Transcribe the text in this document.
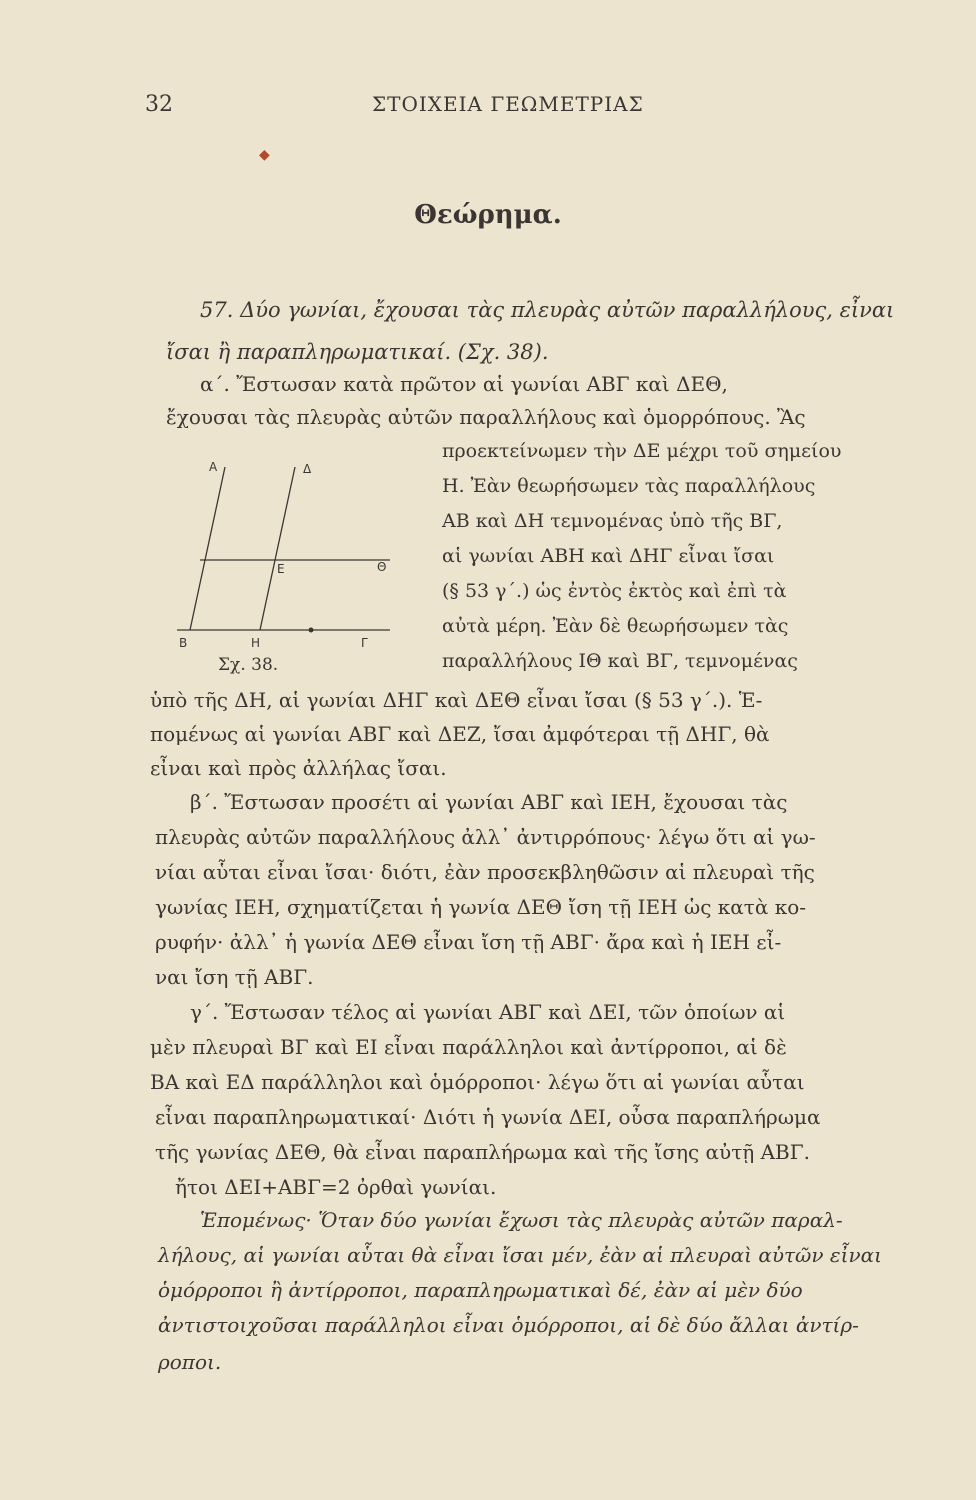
32	ΣΤΟΙΧΕΙΑ ΓΕΩΜΕΤΡΙΑΣ
◆
Θεώρημα.
57. Δύο γωνίαι, ἔχουσαι τὰς πλευρὰς αὐτῶν παραλλήλους, εἶναι
ἴσαι ἢ παραπληρωματικαί. (Σχ. 38).
α΄. Ἔστωσαν κατὰ πρῶτον αἱ γωνίαι ΑΒΓ καὶ ΔΕΘ,
ἔχουσαι τὰς πλευρὰς αὐτῶν παραλλήλους καὶ ὁμορρόπους. Ἂς
προεκτείνωμεν τὴν ΔΕ μέχρι τοῦ σημείου
Η. Ἐὰν θεωρήσωμεν τὰς παραλλήλους
ΑΒ καὶ ΔΗ τεμνομένας ὑπὸ τῆς ΒΓ,
αἱ γωνίαι ΑΒΗ καὶ ΔΗΓ εἶναι ἴσαι
(§ 53 γ΄.) ὡς ἐντὸς ἐκτὸς καὶ ἐπὶ τὰ
αὐτὰ μέρη. Ἐὰν δὲ θεωρήσωμεν τὰς
παραλλήλους ΙΘ καὶ ΒΓ, τεμνομένας
ὑπὸ τῆς ΔΗ, αἱ γωνίαι ΔΗΓ καὶ ΔΕΘ εἶναι ἴσαι (§ 53 γ΄.). Ἑ-
πομένως αἱ γωνίαι ΑΒΓ καὶ ΔΕΖ, ἴσαι ἀμφότεραι τῇ ΔΗΓ, θὰ
εἶναι καὶ πρὸς ἀλλήλας ἴσαι.
β΄. Ἔστωσαν προσέτι αἱ γωνίαι ΑΒΓ καὶ ΙΕΗ, ἔχουσαι τὰς
πλευρὰς αὐτῶν παραλλήλους ἀλλ᾽ ἀντιρρόπους· λέγω ὅτι αἱ γω-
νίαι αὗται εἶναι ἴσαι· διότι, ἐὰν προσεκβληθῶσιν αἱ πλευραὶ τῆς
γωνίας ΙΕΗ, σχηματίζεται ἡ γωνία ΔΕΘ ἴση τῇ ΙΕΗ ὡς κατὰ κο-
ρυφήν· ἀλλ᾽ ἡ γωνία ΔΕΘ εἶναι ἴση τῇ ΑΒΓ· ἄρα καὶ ἡ ΙΕΗ εἶ-
ναι ἴση τῇ ΑΒΓ.
γ΄. Ἔστωσαν τέλος αἱ γωνίαι ΑΒΓ καὶ ΔΕΙ, τῶν ὁποίων αἱ
μὲν πλευραὶ ΒΓ καὶ ΕΙ εἶναι παράλληλοι καὶ ἀντίρροποι, αἱ δὲ
ΒΑ καὶ ΕΔ παράλληλοι καὶ ὁμόρροποι· λέγω ὅτι αἱ γωνίαι αὗται
εἶναι παραπληρωματικαί· Διότι ἡ γωνία ΔΕΙ, οὖσα παραπλήρωμα
τῆς γωνίας ΔΕΘ, θὰ εἶναι παραπλήρωμα καὶ τῆς ἴσης αὐτῇ ΑΒΓ.
ἤτοι ΔΕΙ+ΑΒΓ=2 ὀρθαὶ γωνίαι.
Ἑπομένως· Ὅταν δύο γωνίαι ἔχωσι τὰς πλευρὰς αὐτῶν παραλ-
λήλους, αἱ γωνίαι αὗται θὰ εἶναι ἴσαι μέν, ἐὰν αἱ πλευραὶ αὐτῶν εἶναι
ὁμόρροποι ἢ ἀντίρροποι, παραπληρωματικαὶ δέ, ἐὰν αἱ μὲν δύο
ἀντιστοιχοῦσαι παράλληλοι εἶναι ὁμόρροποι, αἱ δὲ δύο ἄλλαι ἀντίρ-
ροποι.
Α	Δ
Ε	Θ
Β	Η	Γ
Σχ. 38.
